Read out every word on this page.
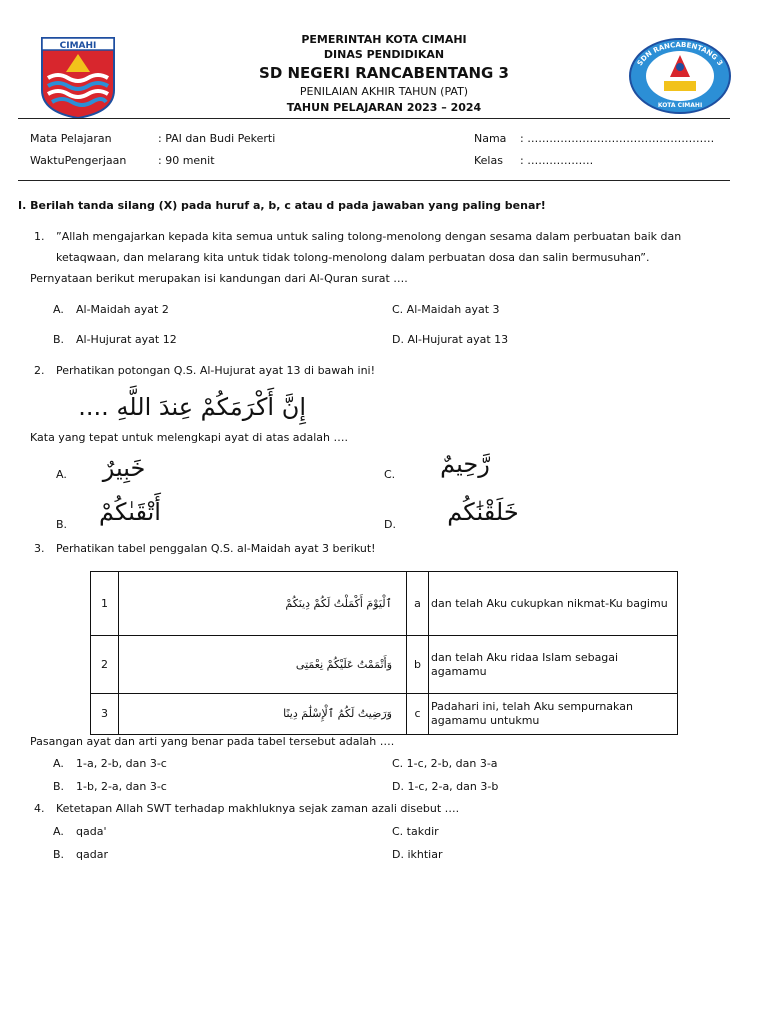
CIMAHI	PEMERINTAH KOTA CIMAHI
DINAS PENDIDIKAN
SD NEGERI RANCABENTANG 3
PENILAIAN AKHIR TAHUN (PAT)
TAHUN PELAJARAN 2023 – 2024
SDN RANCABENTANG 3
KOTA CIMAHI
Mata Pelajaran	: PAI dan Budi Pekerti	Nama : ……………………………………………
WaktuPengerjaan	: 90 menit	Kelas : ………………
I. Berilah tanda silang (X) pada huruf a, b, c atau d pada jawaban yang paling benar!
1. ”Allah mengajarkan kepada kita semua untuk saling tolong-menolong dengan sesama dalam perbuatan baik dan
ketaqwaan, dan melarang kita untuk tidak tolong-menolong dalam perbuatan dosa dan salin bermusuhan”.
Pernyataan berikut merupakan isi kandungan dari Al-Quran surat ….
A. Al-Maidah ayat 2	C. Al-Maidah ayat 3
B. Al-Hujurat ayat 12	D. Al-Hujurat ayat 13
2. Perhatikan potongan Q.S. Al-Hujurat ayat 13 di bawah ini!
إِنَّ أَكْرَمَكُمْ عِندَ اللَّهِ ....
Kata yang tepat untuk melengkapi ayat di atas adalah ….
A.	خَبِيرٌ	C.	رَّحِيمٌ
B.	أَتْقَىٰكُمْ	D.	خَلَقْنَٰكُم
3. Perhatikan tabel penggalan Q.S. al-Maidah ayat 3 berikut!
1	ٱلْيَوْمَ أَكْمَلْتُ لَكُمْ دِينَكُمْ	a	dan telah Aku cukupkan nikmat-Ku bagimu
2	وَأَتْمَمْتُ عَلَيْكُمْ نِعْمَتِى	b	dan telah Aku ridaa Islam sebagai agamamu
3	وَرَضِيتُ لَكُمُ ٱلْإِسْلَٰمَ دِينًا	c	Padahari ini, telah Aku sempurnakan agamamu untukmu
Pasangan ayat dan arti yang benar pada tabel tersebut adalah ….
A. 1-a, 2-b, dan 3-c	C. 1-c, 2-b, dan 3-a
B. 1-b, 2-a, dan 3-c	D. 1-c, 2-a, dan 3-b
4. Ketetapan Allah SWT terhadap makhluknya sejak zaman azali disebut ….
A. qada'	C. takdir
B. qadar	D. ikhtiar
